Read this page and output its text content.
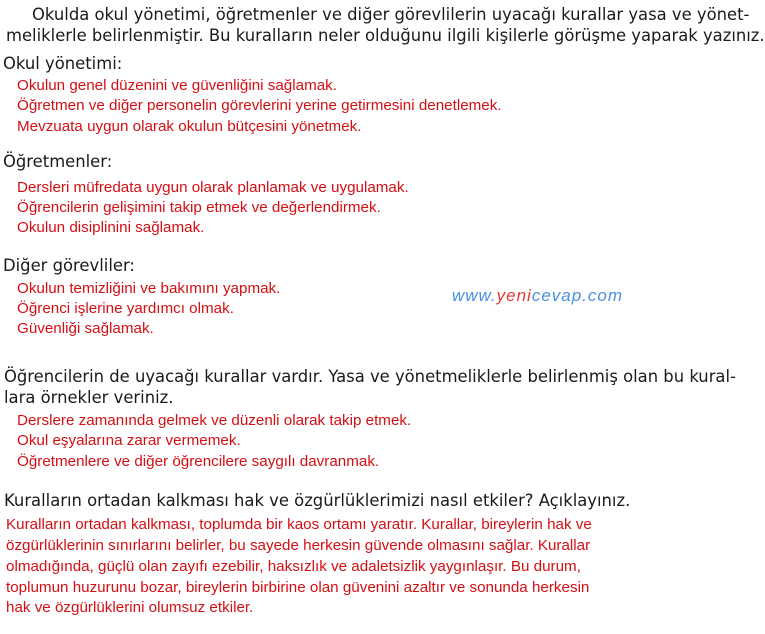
Okulda okul yönetimi, öğretmenler ve diğer görevlilerin uyacağı kurallar yasa ve yönet-
meliklerle belirlenmiştir. Bu kuralların neler olduğunu ilgili kişilerle görüşme yaparak yazınız.
Okul yönetimi:
Okulun genel düzenini ve güvenliğini sağlamak.
Öğretmen ve diğer personelin görevlerini yerine getirmesini denetlemek.
Mevzuata uygun olarak okulun bütçesini yönetmek.
Öğretmenler:
Dersleri müfredata uygun olarak planlamak ve uygulamak.
Öğrencilerin gelişimini takip etmek ve değerlendirmek.
Okulun disiplinini sağlamak.
Diğer görevliler:
Okulun temizliğini ve bakımını yapmak.
Öğrenci işlerine yardımcı olmak.
Güvenliği sağlamak.
www.yenicevap.com
Öğrencilerin de uyacağı kurallar vardır. Yasa ve yönetmeliklerle belirlenmiş olan bu kural-
lara örnekler veriniz.
Derslere zamanında gelmek ve düzenli olarak takip etmek.
Okul eşyalarına zarar vermemek.
Öğretmenlere ve diğer öğrencilere saygılı davranmak.
Kuralların ortadan kalkması hak ve özgürlüklerimizi nasıl etkiler? Açıklayınız.
Kuralların ortadan kalkması, toplumda bir kaos ortamı yaratır. Kurallar, bireylerin hak ve
özgürlüklerinin sınırlarını belirler, bu sayede herkesin güvende olmasını sağlar. Kurallar
olmadığında, güçlü olan zayıfı ezebilir, haksızlık ve adaletsizlik yaygınlaşır. Bu durum,
toplumun huzurunu bozar, bireylerin birbirine olan güvenini azaltır ve sonunda herkesin
hak ve özgürlüklerini olumsuz etkiler.
